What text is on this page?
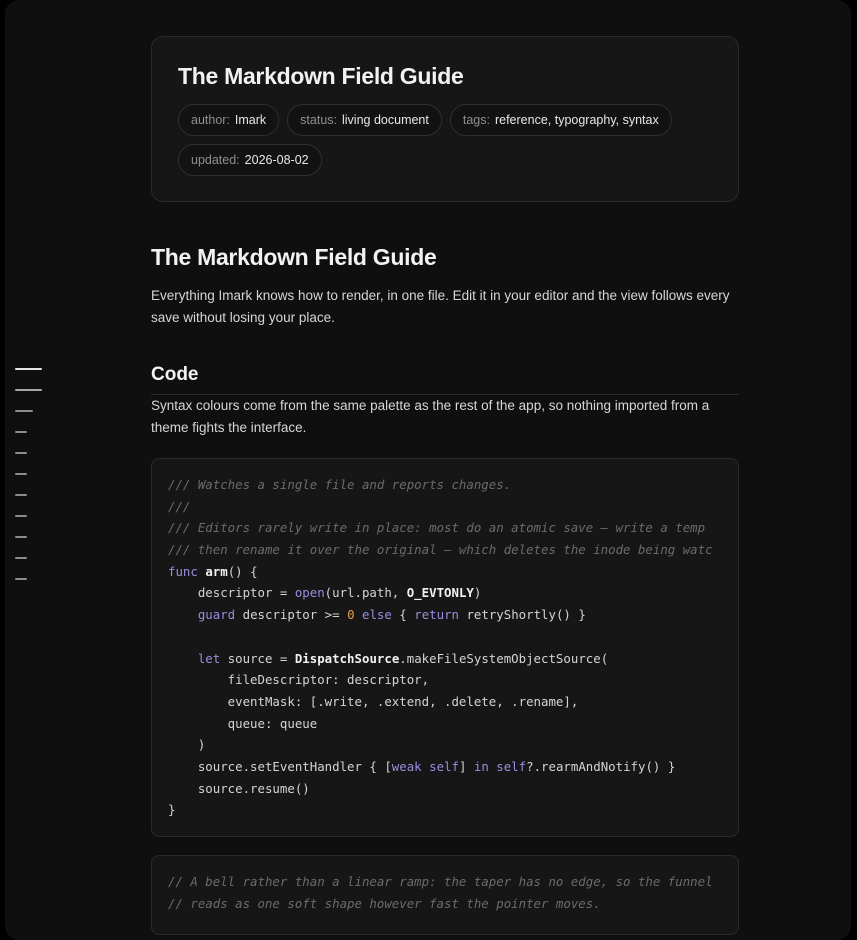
The Markdown Field Guide
author: Imark	status: living document	tags: reference, typography, syntax
updated: 2026-08-02
The Markdown Field Guide

Everything Imark knows how to render, in one file. Edit it in your editor and the view follows every save without losing your place.

Code

Syntax colours come from the same palette as the rest of the app, so nothing imported from a theme fights the interface.

/// Watches a single file and reports changes.
///
/// Editors rarely write in place: most do an atomic save — write a temp
/// then rename it over the original — which deletes the inode being watc
func arm() {
descriptor = open(url.path, O_EVTONLY)
guard descriptor >= 0 else { return retryShortly() }

let source = DispatchSource.makeFileSystemObjectSource(
fileDescriptor: descriptor,
eventMask: [.write, .extend, .delete, .rename],
queue: queue
)
source.setEventHandler { [weak self] in self?.rearmAndNotify() }
source.resume()
}
// A bell rather than a linear ramp: the taper has no edge, so the funnel
// reads as one soft shape however fast the pointer moves.
